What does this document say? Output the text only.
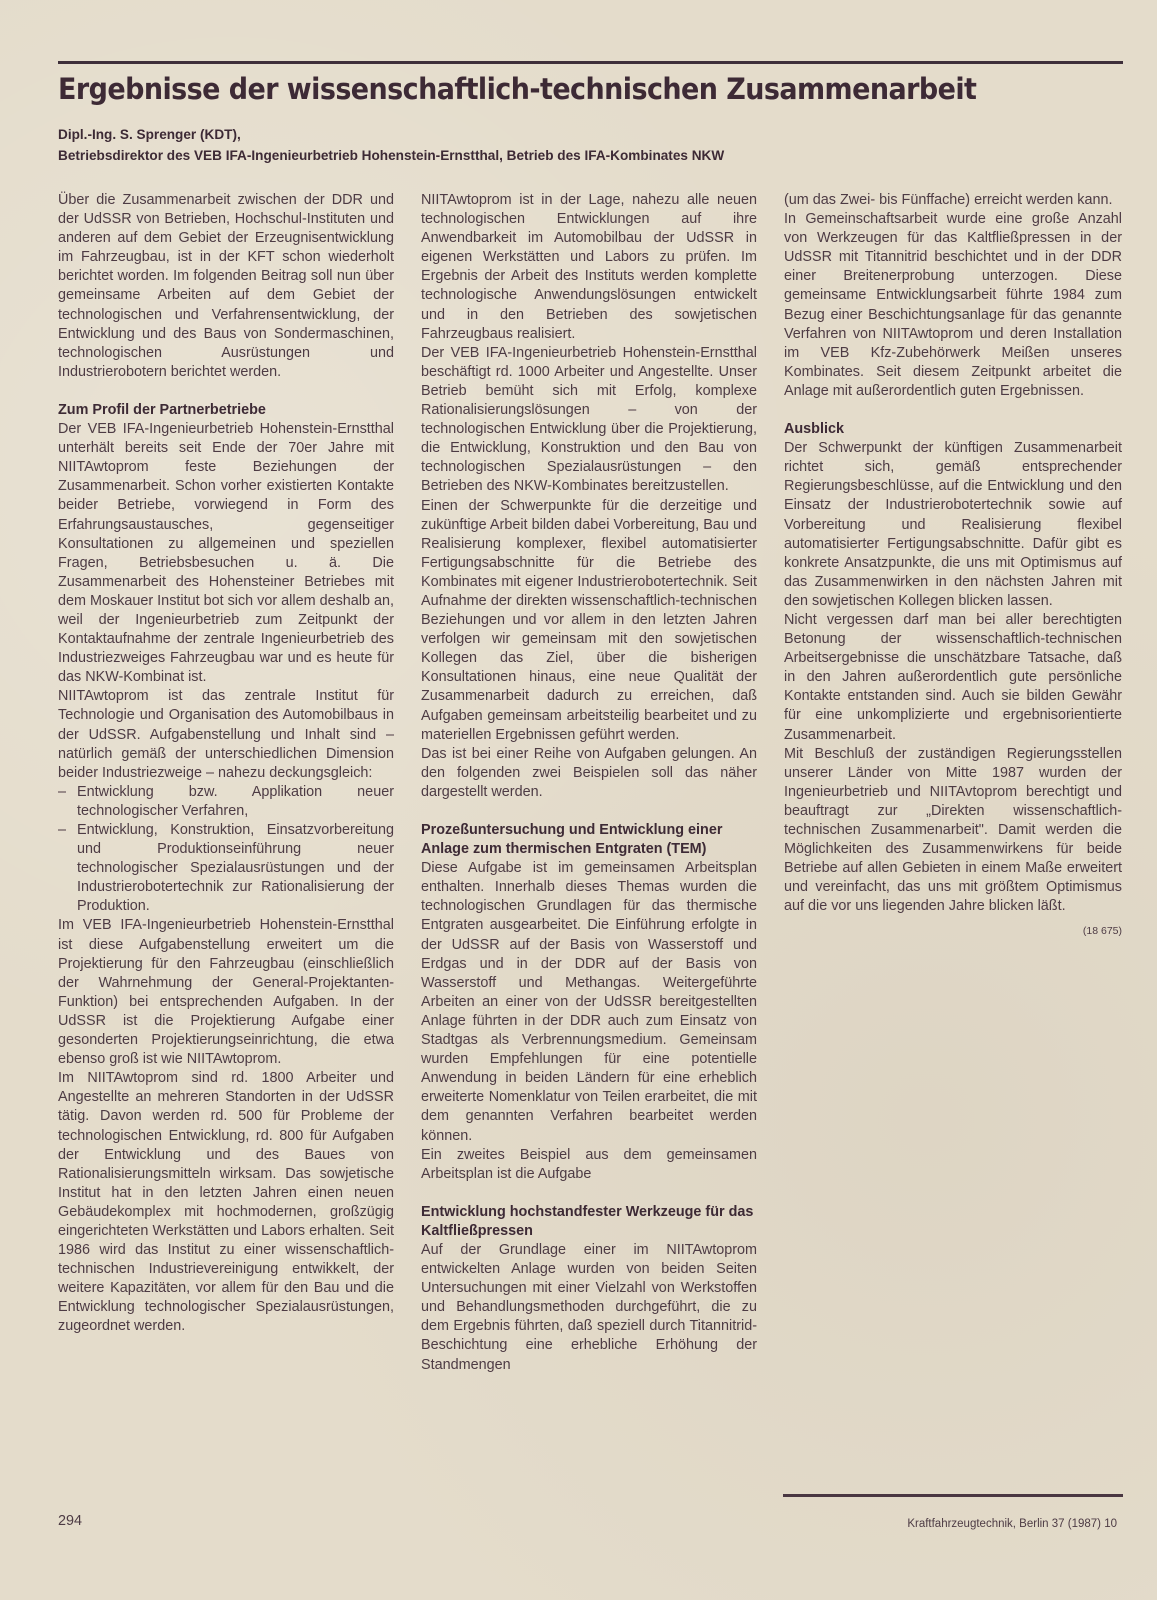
Ergebnisse der wissenschaftlich-technischen Zusammenarbeit
Dipl.-Ing. S. Sprenger (KDT),
Betriebsdirektor des VEB IFA-Ingenieurbetrieb Hohenstein-Ernstthal, Betrieb des IFA-Kombinates NKW

Über die Zusammenarbeit zwischen der DDR und der UdSSR von Betrieben, Hochschul-Instituten und anderen auf dem Gebiet der Erzeugnisentwicklung im Fahrzeugbau, ist in der KFT schon wiederholt berichtet worden. Im folgenden Beitrag soll nun über gemeinsame Arbeiten auf dem Gebiet der technologischen und Verfahrensentwicklung, der Entwicklung und des Baus von Sondermaschinen, technologischen Ausrüstungen und Industrierobotern berichtet werden.

Zum Profil der Partnerbetriebe

Der VEB IFA-Ingenieurbetrieb Hohenstein-Ernstthal unterhält bereits seit Ende der 70er Jahre mit NIITAwtoprom feste Beziehungen der Zusammenarbeit. Schon vorher existierten Kontakte beider Betriebe, vorwiegend in Form des Erfahrungsaustausches, gegenseitiger Konsultationen zu allgemeinen und speziellen Fragen, Betriebsbesuchen u. ä. Die Zusammenarbeit des Hohensteiner Betriebes mit dem Moskauer Institut bot sich vor allem deshalb an, weil der Ingenieurbetrieb zum Zeitpunkt der Kontaktaufnahme der zentrale Ingenieurbetrieb des Industriezweiges Fahrzeugbau war und es heute für das NKW-Kombinat ist.

NIITAwtoprom ist das zentrale Institut für Technologie und Organisation des Automobilbaus in der UdSSR. Aufgabenstellung und Inhalt sind – natürlich gemäß der unterschiedlichen Dimension beider Industriezweige – nahezu deckungsgleich:

– Entwicklung bzw. Applikation neuer technologischer Verfahren,
– Entwicklung, Konstruktion, Einsatzvorbereitung und Produktionseinführung neuer technologischer Spezialausrüstungen und der Industrierobotertechnik zur Rationalisierung der Produktion.

Im VEB IFA-Ingenieurbetrieb Hohenstein-Ernstthal ist diese Aufgabenstellung erweitert um die Projektierung für den Fahrzeugbau (einschließlich der Wahrnehmung der General-Projektanten-Funktion) bei entsprechenden Aufgaben. In der UdSSR ist die Projektierung Aufgabe einer gesonderten Projektierungseinrichtung, die etwa ebenso groß ist wie NIITAwtoprom.

Im NIITAwtoprom sind rd. 1800 Arbeiter und Angestellte an mehreren Standorten in der UdSSR tätig. Davon werden rd. 500 für Probleme der technologischen Entwicklung, rd. 800 für Aufgaben der Entwicklung und des Baues von Rationalisierungsmitteln wirksam. Das sowjetische Institut hat in den letzten Jahren einen neuen Gebäudekomplex mit hochmodernen, großzügig eingerichteten Werkstätten und Labors erhalten. Seit 1986 wird das Institut zu einer wissenschaftlich-technischen Industrievereinigung entwikkelt, der weitere Kapazitäten, vor allem für den Bau und die Entwicklung technologischer Spezialausrüstungen, zugeordnet werden.

NIITAwtoprom ist in der Lage, nahezu alle neuen technologischen Entwicklungen auf ihre Anwendbarkeit im Automobilbau der UdSSR in eigenen Werkstätten und Labors zu prüfen. Im Ergebnis der Arbeit des Instituts werden komplette technologische Anwendungslösungen entwickelt und in den Betrieben des sowjetischen Fahrzeugbaus realisiert.

Der VEB IFA-Ingenieurbetrieb Hohenstein-Ernstthal beschäftigt rd. 1000 Arbeiter und Angestellte. Unser Betrieb bemüht sich mit Erfolg, komplexe Rationalisierungslösungen – von der technologischen Entwicklung über die Projektierung, die Entwicklung, Konstruktion und den Bau von technologischen Spezialausrüstungen – den Betrieben des NKW-Kombinates bereitzustellen.

Einen der Schwerpunkte für die derzeitige und zukünftige Arbeit bilden dabei Vorbereitung, Bau und Realisierung komplexer, flexibel automatisierter Fertigungsabschnitte für die Betriebe des Kombinates mit eigener Industrierobotertechnik. Seit Aufnahme der direkten wissenschaftlich-technischen Beziehungen und vor allem in den letzten Jahren verfolgen wir gemeinsam mit den sowjetischen Kollegen das Ziel, über die bisherigen Konsultationen hinaus, eine neue Qualität der Zusammenarbeit dadurch zu erreichen, daß Aufgaben gemeinsam arbeitsteilig bearbeitet und zu materiellen Ergebnissen geführt werden.

Das ist bei einer Reihe von Aufgaben gelungen. An den folgenden zwei Beispielen soll das näher dargestellt werden.

Prozeßuntersuchung und Entwicklung einer Anlage zum thermischen Entgraten (TEM)

Diese Aufgabe ist im gemeinsamen Arbeitsplan enthalten. Innerhalb dieses Themas wurden die technologischen Grundlagen für das thermische Entgraten ausgearbeitet. Die Einführung erfolgte in der UdSSR auf der Basis von Wasserstoff und Erdgas und in der DDR auf der Basis von Wasserstoff und Methangas. Weitergeführte Arbeiten an einer von der UdSSR bereitgestellten Anlage führten in der DDR auch zum Einsatz von Stadtgas als Verbrennungsmedium. Gemeinsam wurden Empfehlungen für eine potentielle Anwendung in beiden Ländern für eine erheblich erweiterte Nomenklatur von Teilen erarbeitet, die mit dem genannten Verfahren bearbeitet werden können.

Ein zweites Beispiel aus dem gemeinsamen Arbeitsplan ist die Aufgabe

Entwicklung hochstandfester Werkzeuge für das Kaltfließpressen

Auf der Grundlage einer im NIITAwtoprom entwickelten Anlage wurden von beiden Seiten Untersuchungen mit einer Vielzahl von Werkstoffen und Behandlungsmethoden durchgeführt, die zu dem Ergebnis führten, daß speziell durch Titannitrid-Beschichtung eine erhebliche Erhöhung der Standmengen

(um das Zwei- bis Fünffache) erreicht werden kann.

In Gemeinschaftsarbeit wurde eine große Anzahl von Werkzeugen für das Kaltfließpressen in der UdSSR mit Titannitrid beschichtet und in der DDR einer Breitenerprobung unterzogen. Diese gemeinsame Entwicklungsarbeit führte 1984 zum Bezug einer Beschichtungsanlage für das genannte Verfahren von NIITAwtoprom und deren Installation im VEB Kfz-Zubehörwerk Meißen unseres Kombinates. Seit diesem Zeitpunkt arbeitet die Anlage mit außerordentlich guten Ergebnissen.

Ausblick

Der Schwerpunkt der künftigen Zusammenarbeit richtet sich, gemäß entsprechender Regierungsbeschlüsse, auf die Entwicklung und den Einsatz der Industrierobotertechnik sowie auf Vorbereitung und Realisierung flexibel automatisierter Fertigungsabschnitte. Dafür gibt es konkrete Ansatzpunkte, die uns mit Optimismus auf das Zusammenwirken in den nächsten Jahren mit den sowjetischen Kollegen blicken lassen.

Nicht vergessen darf man bei aller berechtigten Betonung der wissenschaftlich-technischen Arbeitsergebnisse die unschätzbare Tatsache, daß in den Jahren außerordentlich gute persönliche Kontakte entstanden sind. Auch sie bilden Gewähr für eine unkomplizierte und ergebnisorientierte Zusammenarbeit.

Mit Beschluß der zuständigen Regierungsstellen unserer Länder von Mitte 1987 wurden der Ingenieurbetrieb und NIITAvtoprom berechtigt und beauftragt zur „Direkten wissenschaftlich-technischen Zusammenarbeit". Damit werden die Möglichkeiten des Zusammenwirkens für beide Betriebe auf allen Gebieten in einem Maße erweitert und vereinfacht, das uns mit größtem Optimismus auf die vor uns liegenden Jahre blicken läßt.

(18 675)
294	Kraftfahrzeugtechnik, Berlin 37 (1987) 10
